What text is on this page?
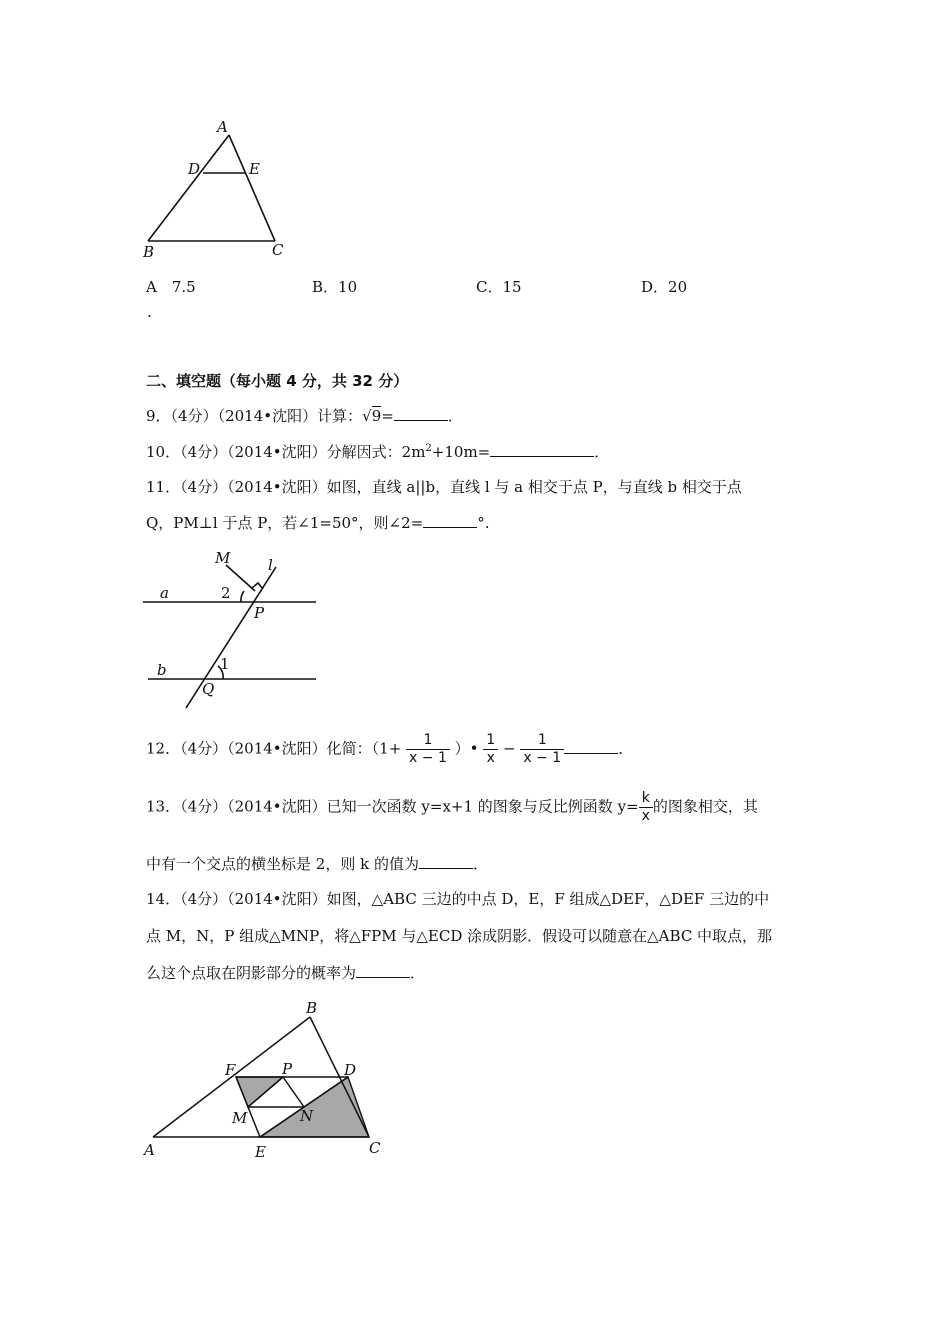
A
D	E
B	C
A　7.5
.
B．10	C．15	D．20
二、填空题（每小题 4 分，共 32 分）
9．（4分）（2014•沈阳）计算：√9=	．
10．（4分）（2014•沈阳）分解因式：$2m^2+10m=$	．
11．（4分）（2014•沈阳）如图，直线 a||b，直线 l 与 a 相交于点 P，与直线 b 相交于点
Q，PM⊥l 于点 P，若∠1=50°，则∠2=	°.
M	l
a	2
P
b	1
Q
12．（4分）（2014•沈阳）化简：（$1+ \frac{1}{x - 1}$ ）• $\frac{1}{x} - \frac{1}{x - 1}$	．
13．（4分）（2014•沈阳）已知一次函数 y=x+1 的图象与反比例函数 $y= \frac{k}{x}$ 的图象相交，其
中有一个交点的横坐标是 2，则 k 的值为	．
14．（4分）（2014•沈阳）如图，△ABC 三边的中点 D，E，F 组成△DEF，△DEF 三边的中
点 M，N，P 组成△MNP，将△FPM 与△ECD 涂成阴影．假设可以随意在△ABC 中取点，那
么这个点取在阴影部分的概率为	．
B
F	P	D
M	N
A	E	C
